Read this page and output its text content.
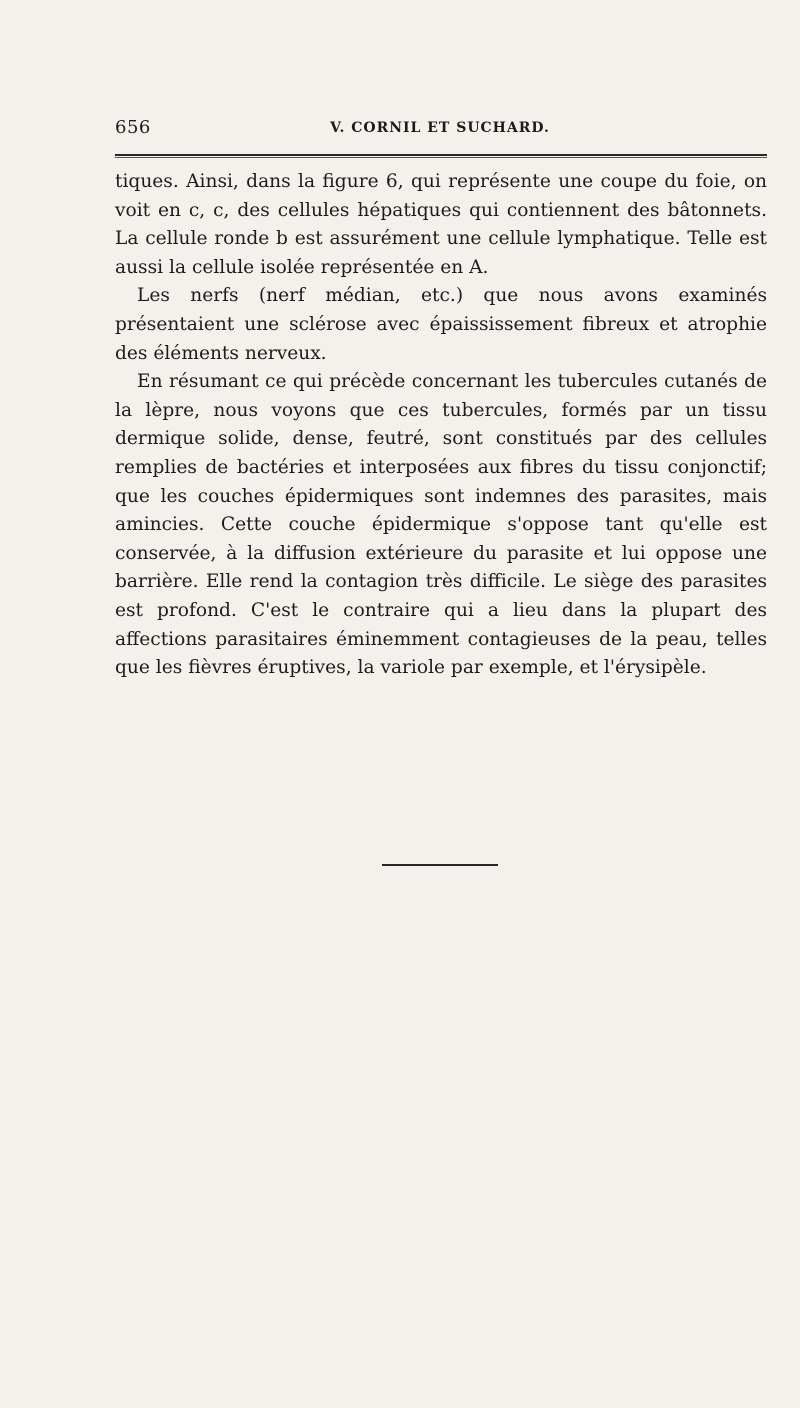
656	V. CORNIL ET SUCHARD.

tiques. Ainsi, dans la figure 6, qui représente une coupe du foie, on voit en c, c, des cellules hépatiques qui contiennent des bâtonnets. La cellule ronde b est assurément une cellule lymphatique. Telle est aussi la cellule isolée représentée en A.

Les nerfs (nerf médian, etc.) que nous avons examinés présentaient une sclérose avec épaississement fibreux et atrophie des éléments nerveux.

En résumant ce qui précède concernant les tubercules cutanés de la lèpre, nous voyons que ces tubercules, formés par un tissu dermique solide, dense, feutré, sont constitués par des cellules remplies de bactéries et interposées aux fibres du tissu conjonctif; que les couches épidermiques sont indemnes des parasites, mais amincies. Cette couche épidermique s'oppose tant qu'elle est conservée, à la diffusion extérieure du parasite et lui oppose une barrière. Elle rend la contagion très difficile. Le siège des parasites est profond. C'est le contraire qui a lieu dans la plupart des affections parasitaires éminemment contagieuses de la peau, telles que les fièvres éruptives, la variole par exemple, et l'érysipèle.
